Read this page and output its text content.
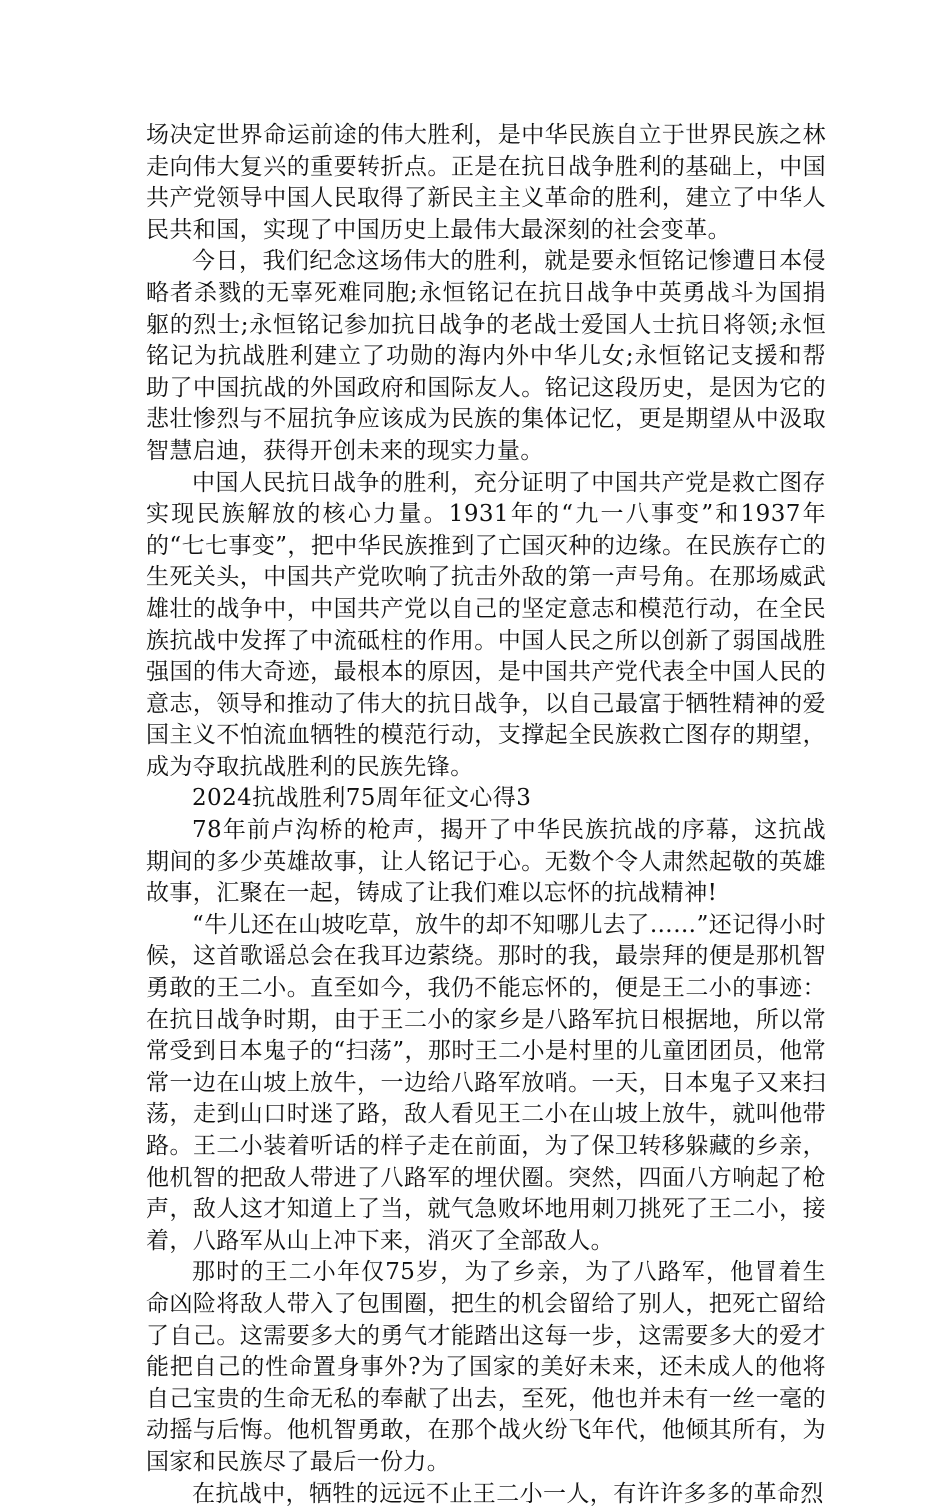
场决定世界命运前途的伟大胜利，是中华民族自立于世界民族之林走向伟大复兴的重要转折点。正是在抗日战争胜利的基础上，中国共产党领导中国人民取得了新民主主义革命的胜利，建立了中华人民共和国，实现了中国历史上最伟大最深刻的社会变革。

今日，我们纪念这场伟大的胜利，就是要永恒铭记惨遭日本侵略者杀戮的无辜死难同胞;永恒铭记在抗日战争中英勇战斗为国捐躯的烈士;永恒铭记参加抗日战争的老战士爱国人士抗日将领;永恒铭记为抗战胜利建立了功勋的海内外中华儿女;永恒铭记支援和帮助了中国抗战的外国政府和国际友人。铭记这段历史，是因为它的悲壮惨烈与不屈抗争应该成为民族的集体记忆，更是期望从中汲取智慧启迪，获得开创未来的现实力量。

中国人民抗日战争的胜利，充分证明了中国共产党是救亡图存实现民族解放的核心力量。1931年的“九一八事变”和1937年的“七七事变”，把中华民族推到了亡国灭种的边缘。在民族存亡的生死关头，中国共产党吹响了抗击外敌的第一声号角。在那场威武雄壮的战争中，中国共产党以自己的坚定意志和模范行动，在全民族抗战中发挥了中流砥柱的作用。中国人民之所以创新了弱国战胜强国的伟大奇迹，最根本的原因，是中国共产党代表全中国人民的意志，领导和推动了伟大的抗日战争，以自己最富于牺牲精神的爱国主义不怕流血牺牲的模范行动，支撑起全民族救亡图存的期望，成为夺取抗战胜利的民族先锋。

2024抗战胜利75周年征文心得3

78年前卢沟桥的枪声，揭开了中华民族抗战的序幕，这抗战期间的多少英雄故事，让人铭记于心。无数个令人肃然起敬的英雄故事，汇聚在一起，铸成了让我们难以忘怀的抗战精神!

“牛儿还在山坡吃草，放牛的却不知哪儿去了……”还记得小时候，这首歌谣总会在我耳边萦绕。那时的我，最崇拜的便是那机智勇敢的王二小。直至如今，我仍不能忘怀的，便是王二小的事迹：在抗日战争时期，由于王二小的家乡是八路军抗日根据地，所以常常受到日本鬼子的“扫荡”，那时王二小是村里的儿童团团员，他常常一边在山坡上放牛，一边给八路军放哨。一天，日本鬼子又来扫荡，走到山口时迷了路，敌人看见王二小在山坡上放牛，就叫他带路。王二小装着听话的样子走在前面，为了保卫转移躲藏的乡亲，他机智的把敌人带进了八路军的埋伏圈。突然，四面八方响起了枪声，敌人这才知道上了当，就气急败坏地用刺刀挑死了王二小，接着，八路军从山上冲下来，消灭了全部敌人。

那时的王二小年仅75岁，为了乡亲，为了八路军，他冒着生命凶险将敌人带入了包围圈，把生的机会留给了别人，把死亡留给了自己。这需要多大的勇气才能踏出这每一步，这需要多大的爱才能把自己的性命置身事外?为了国家的美好未来，还未成人的他将自己宝贵的生命无私的奉献了出去，至死，他也并未有一丝一毫的动摇与后悔。他机智勇敢，在那个战火纷飞年代，他倾其所有，为国家和民族尽了最后一份力。

在抗战中，牺牲的远远不止王二小一人，有许许多多的革命烈
